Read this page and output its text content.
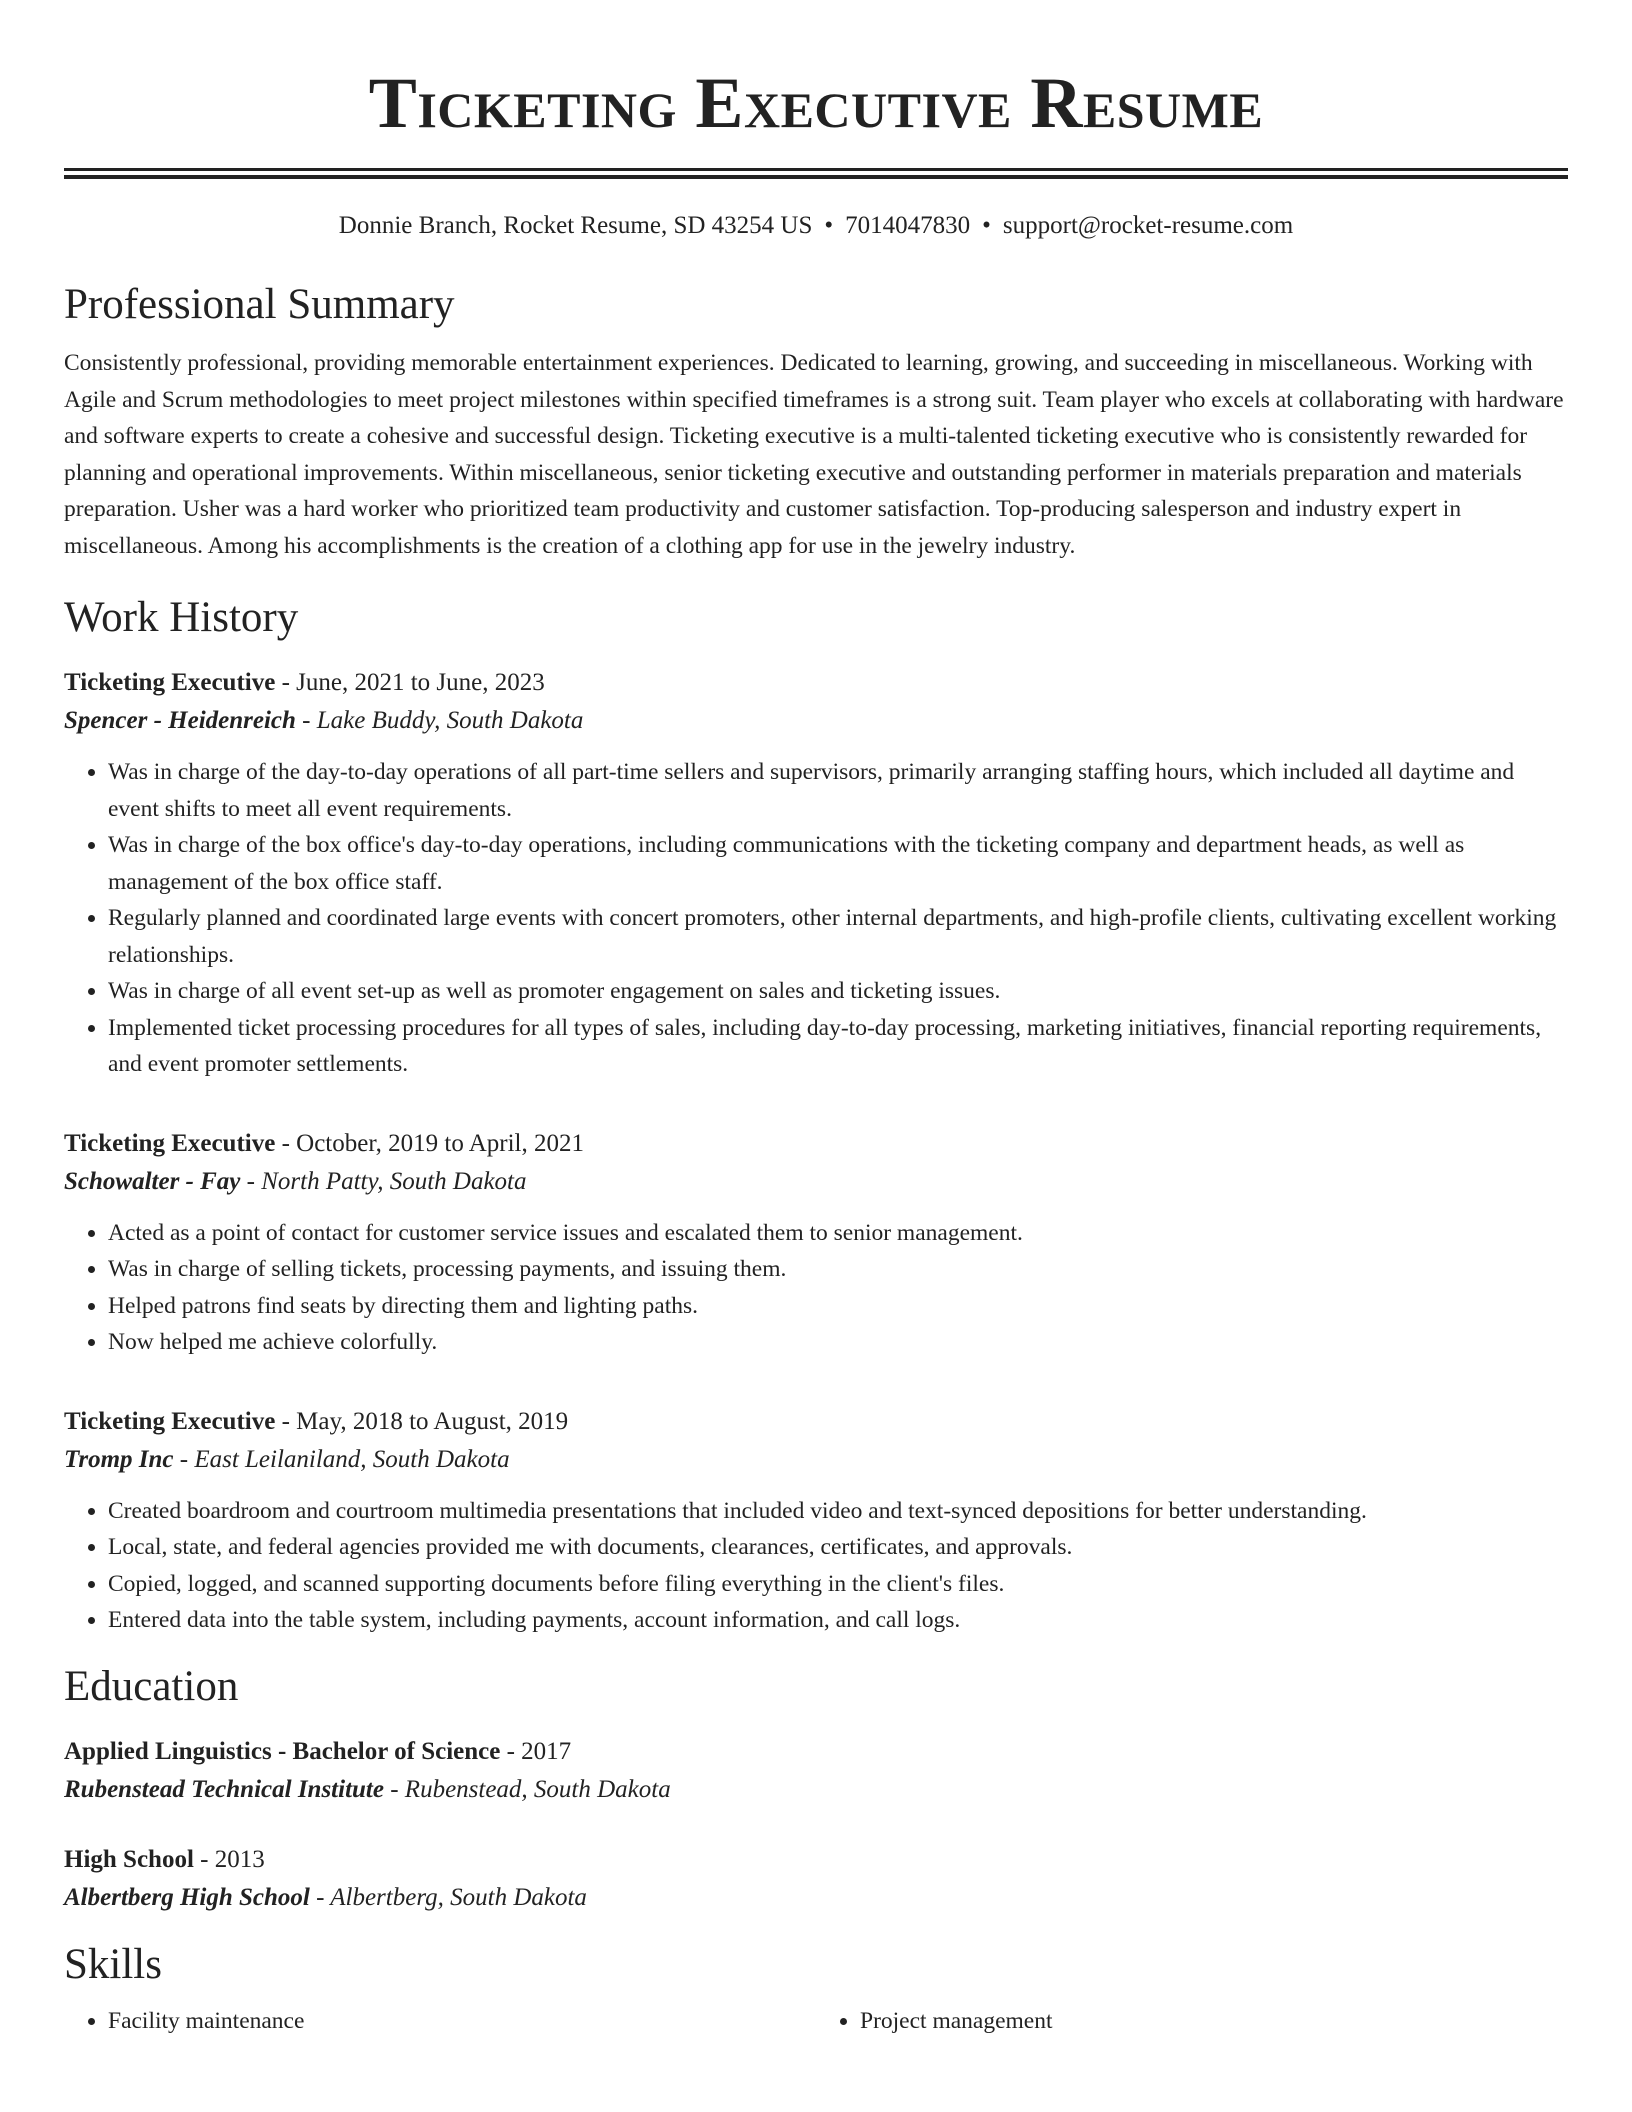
Ticketing Executive Resume
Donnie Branch, Rocket Resume, SD 43254 US • 7014047830 • support@rocket-resume.com
Professional Summary

Consistently professional, providing memorable entertainment experiences. Dedicated to learning, growing, and succeeding in miscellaneous. Working with Agile and Scrum methodologies to meet project milestones within specified timeframes is a strong suit. Team player who excels at collaborating with hardware and software experts to create a cohesive and successful design. Ticketing executive is a multi-talented ticketing executive who is consistently rewarded for planning and operational improvements. Within miscellaneous, senior ticketing executive and outstanding performer in materials preparation and materials preparation. Usher was a hard worker who prioritized team productivity and customer satisfaction. Top-producing salesperson and industry expert in miscellaneous. Among his accomplishments is the creation of a clothing app for use in the jewelry industry.

Work History
Ticketing Executive - June, 2021 to June, 2023
Spencer - Heidenreich - Lake Buddy, South Dakota
• Was in charge of the day-to-day operations of all part-time sellers and supervisors, primarily arranging staffing hours, which included all daytime and event shifts to meet all event requirements.
• Was in charge of the box office's day-to-day operations, including communications with the ticketing company and department heads, as well as management of the box office staff.
• Regularly planned and coordinated large events with concert promoters, other internal departments, and high-profile clients, cultivating excellent working relationships.
• Was in charge of all event set-up as well as promoter engagement on sales and ticketing issues.
• Implemented ticket processing procedures for all types of sales, including day-to-day processing, marketing initiatives, financial reporting requirements, and event promoter settlements.
Ticketing Executive - October, 2019 to April, 2021
Schowalter - Fay - North Patty, South Dakota
• Acted as a point of contact for customer service issues and escalated them to senior management.
• Was in charge of selling tickets, processing payments, and issuing them.
• Helped patrons find seats by directing them and lighting paths.
• Now helped me achieve colorfully.
Ticketing Executive - May, 2018 to August, 2019
Tromp Inc - East Leilaniland, South Dakota
• Created boardroom and courtroom multimedia presentations that included video and text-synced depositions for better understanding.
• Local, state, and federal agencies provided me with documents, clearances, certificates, and approvals.
• Copied, logged, and scanned supporting documents before filing everything in the client's files.
• Entered data into the table system, including payments, account information, and call logs.
Education
Applied Linguistics - Bachelor of Science - 2017
Rubenstead Technical Institute - Rubenstead, South Dakota
High School - 2013
Albertberg High School - Albertberg, South Dakota
Skills
• Facility maintenance
•	Project management
